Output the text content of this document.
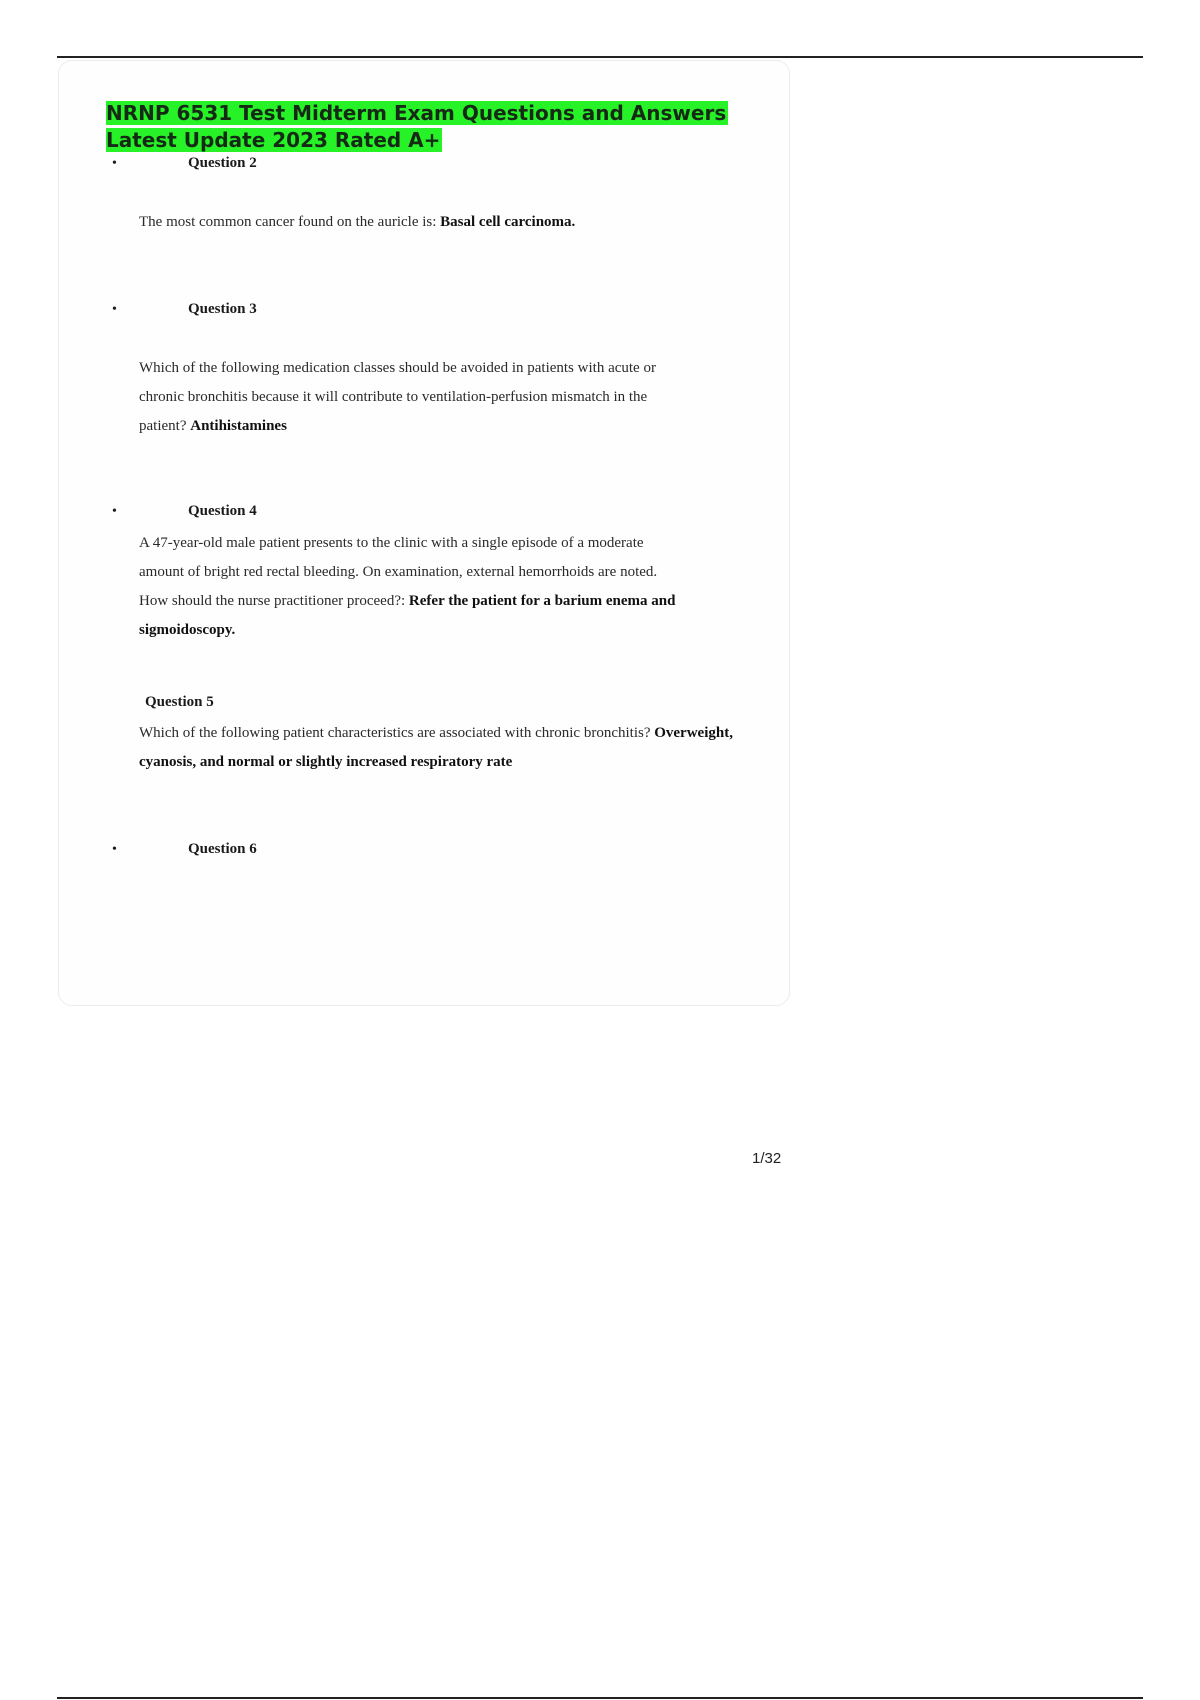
NRNP 6531 Test Midterm Exam Questions and Answers
Latest Update 2023 Rated A+
•	Question 2
The most common cancer found on the auricle is: Basal cell carcinoma.
•	Question 3
Which of the following medication classes should be avoided in patients with acute or chronic bronchitis because it will contribute to ventilation-perfusion mismatch in the patient? Antihistamines
•	Question 4
A 47-year-old male patient presents to the clinic with a single episode of a moderate amount of bright red rectal bleeding. On examination, external hemorrhoids are noted. How should the nurse practitioner proceed?: Refer the patient for a barium enema and sigmoidoscopy.
Question 5
Which of the following patient characteristics are associated with chronic bronchitis? Overweight, cyanosis, and normal or slightly increased respiratory rate
•	Question 6
1/32
